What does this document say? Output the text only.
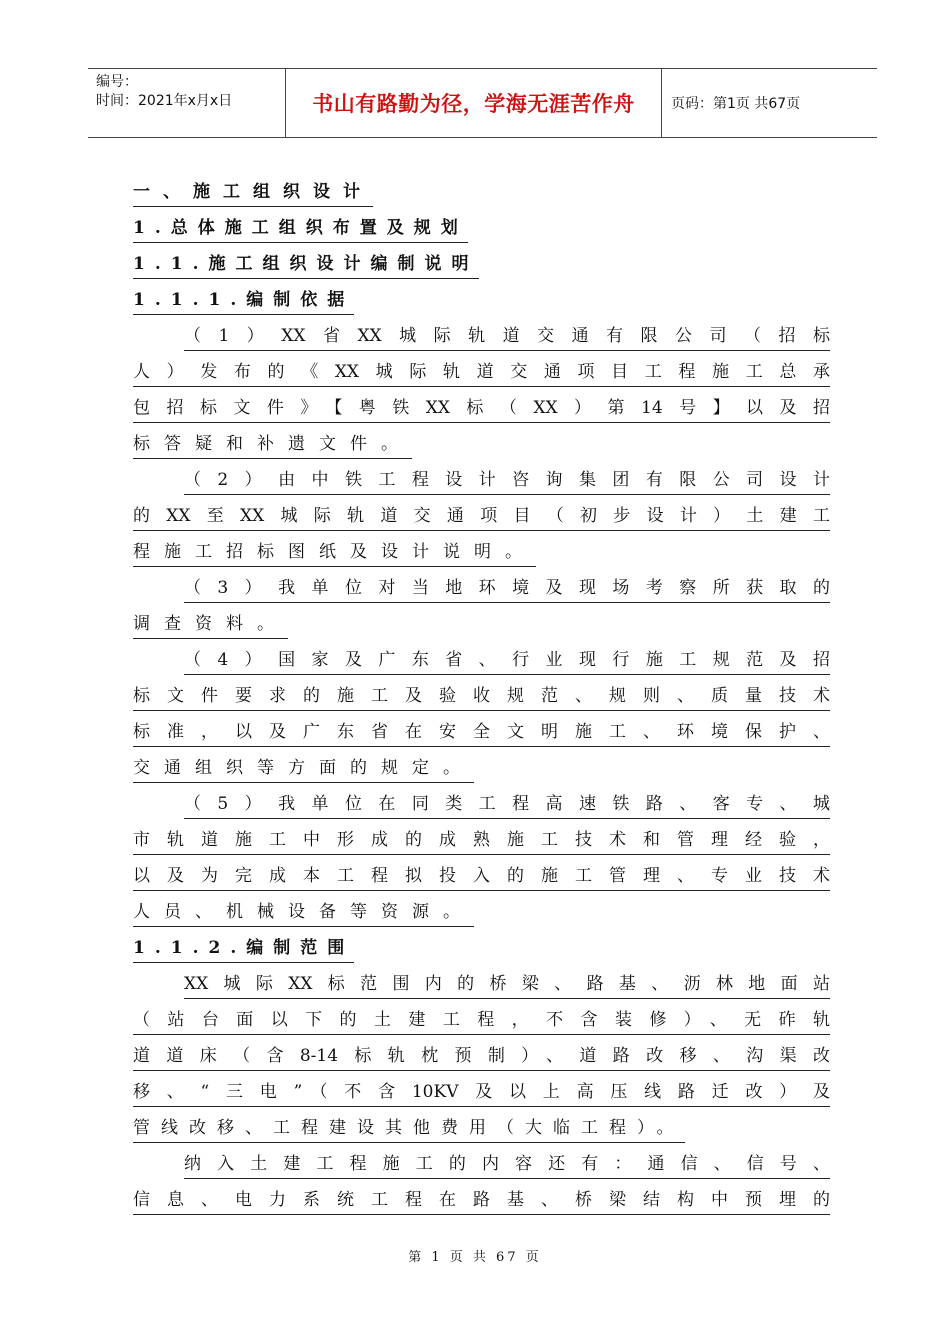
编号：
时间：2021年x月x日	书山有路勤为径，学海无涯苦作舟	页码：第1页 共67页
一、施工组织设计
1.总体施工组织布置及规划
1.1.施工组织设计编制说明
1.1.1.编制依据
（1）XX省XX城际轨道交通有限公司（招标
人）发布的《XX城际轨道交通项目工程施工总承
包招标文件》【粤铁XX标（XX）第14号】以及招
标答疑和补遗文件。
（2）由中铁工程设计咨询集团有限公司设计
的XX至XX城际轨道交通项目（初步设计）土建工
程施工招标图纸及设计说明。
（3）我单位对当地环境及现场考察所获取的
调查资料。
（4）国家及广东省、行业现行施工规范及招
标文件要求的施工及验收规范、规则、质量技术
标准，以及广东省在安全文明施工、环境保护、
交通组织等方面的规定。
（5）我单位在同类工程高速铁路、客专、城
市轨道施工中形成的成熟施工技术和管理经验，
以及为完成本工程拟投入的施工管理、专业技术
人员、机械设备等资源。
1.1.2.编制范围
XX城际XX标范围内的桥梁、路基、沥林地面站
（站台面以下的土建工程，不含装修）、无砟轨
道道床（含8-14标轨枕预制）、道路改移、沟渠改
移、“三电”（不含10KV及以上高压线路迁改）及
管线改移、工程建设其他费用（大临工程）。
纳入土建工程施工的内容还有：通信、信号、
信息、电力系统工程在路基、桥梁结构中预埋的
第 1 页 共 67 页
